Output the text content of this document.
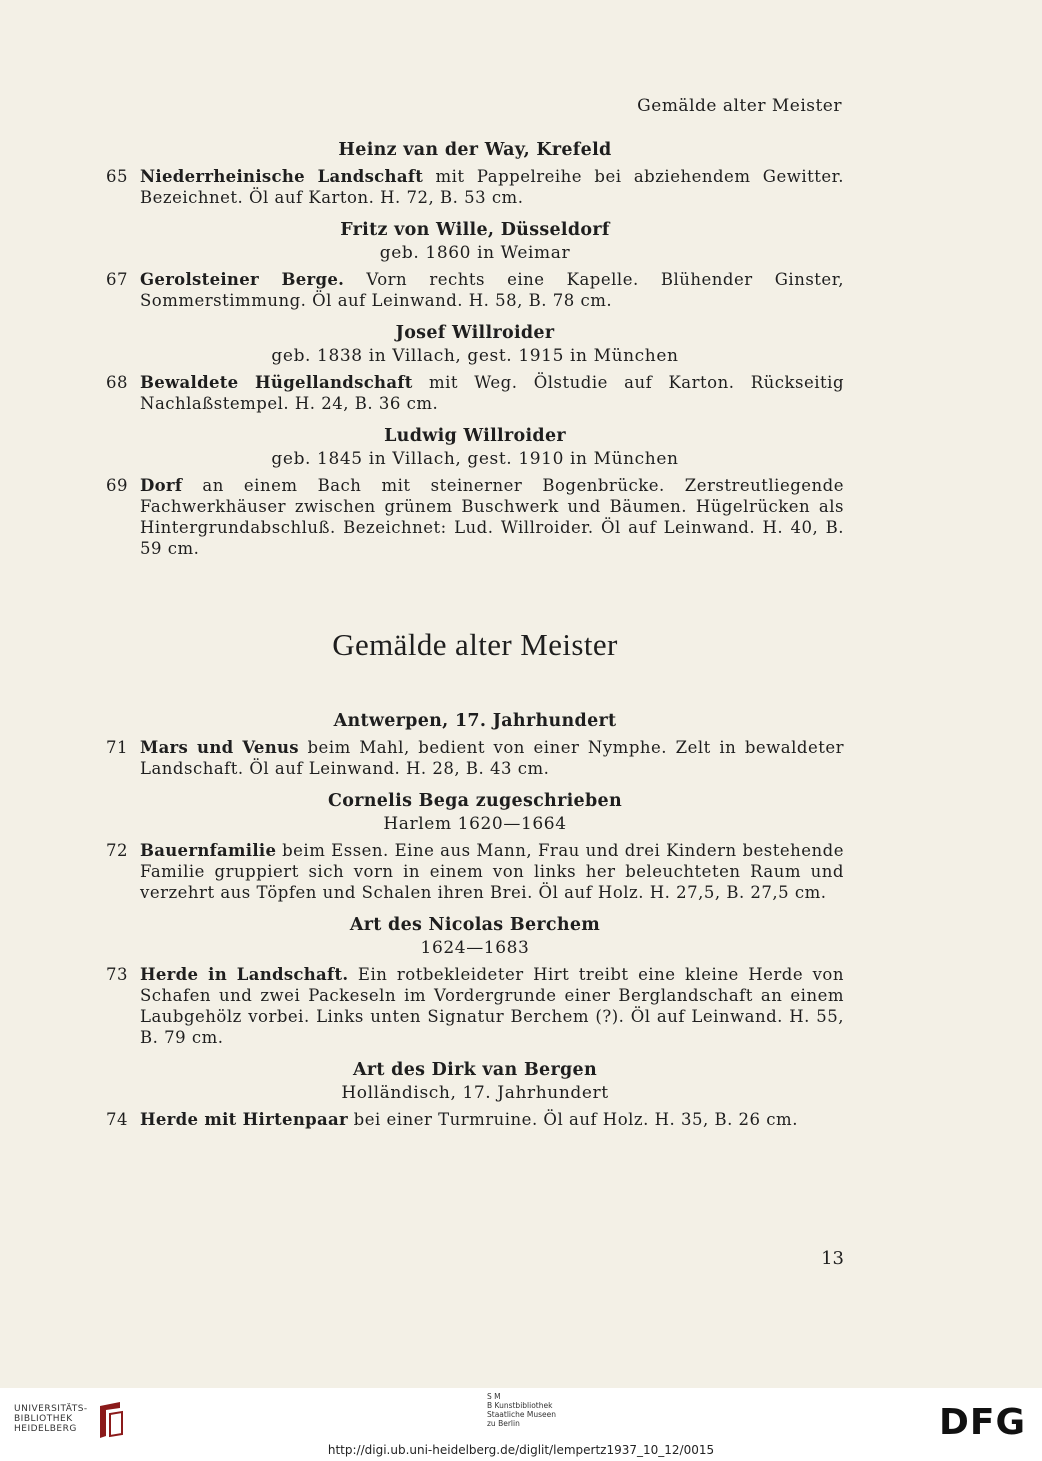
Gemälde alter Meister

Heinz van der Way, Krefeld

65 Niederrheinische Landschaft mit Pappelreihe bei abziehendem Gewitter. Bezeichnet. Öl auf Karton. H. 72, B. 53 cm.

Fritz von Wille, Düsseldorf

geb. 1860 in Weimar

67 Gerolsteiner Berge. Vorn rechts eine Kapelle. Blühender Ginster, Sommerstimmung. Öl auf Leinwand. H. 58, B. 78 cm.

Josef Willroider

geb. 1838 in Villach, gest. 1915 in München

68 Bewaldete Hügellandschaft mit Weg. Ölstudie auf Karton. Rückseitig Nachlaßstempel. H. 24, B. 36 cm.

Ludwig Willroider

geb. 1845 in Villach, gest. 1910 in München

69 Dorf an einem Bach mit steinerner Bogenbrücke. Zerstreutliegende Fachwerkhäuser zwischen grünem Buschwerk und Bäumen. Hügelrücken als Hintergrundabschluß. Bezeichnet: Lud. Willroider. Öl auf Leinwand. H. 40, B. 59 cm.
Gemälde alter Meister

Antwerpen, 17. Jahrhundert

71 Mars und Venus beim Mahl, bedient von einer Nymphe. Zelt in bewaldeter Landschaft. Öl auf Leinwand. H. 28, B. 43 cm.

Cornelis Bega zugeschrieben

Harlem 1620—1664

72 Bauernfamilie beim Essen. Eine aus Mann, Frau und drei Kindern bestehende Familie gruppiert sich vorn in einem von links her beleuchteten Raum und verzehrt aus Töpfen und Schalen ihren Brei. Öl auf Holz. H. 27,5, B. 27,5 cm.

Art des Nicolas Berchem

1624—1683

73 Herde in Landschaft. Ein rotbekleideter Hirt treibt eine kleine Herde von Schafen und zwei Packeseln im Vordergrunde einer Berglandschaft an einem Laubgehölz vorbei. Links unten Signatur Berchem (?). Öl auf Leinwand. H. 55, B. 79 cm.

Art des Dirk van Bergen

Holländisch, 17. Jahrhundert

74 Herde mit Hirtenpaar bei einer Turmruine. Öl auf Holz. H. 35, B. 26 cm.
13
UNIVERSITÄTS-
BIBLIOTHEK
HEIDELBERG
S M
B Kunstbibliothek
Staatliche Museen
zu Berlin	DFG
http://digi.ub.uni-heidelberg.de/diglit/lempertz1937_10_12/0015
